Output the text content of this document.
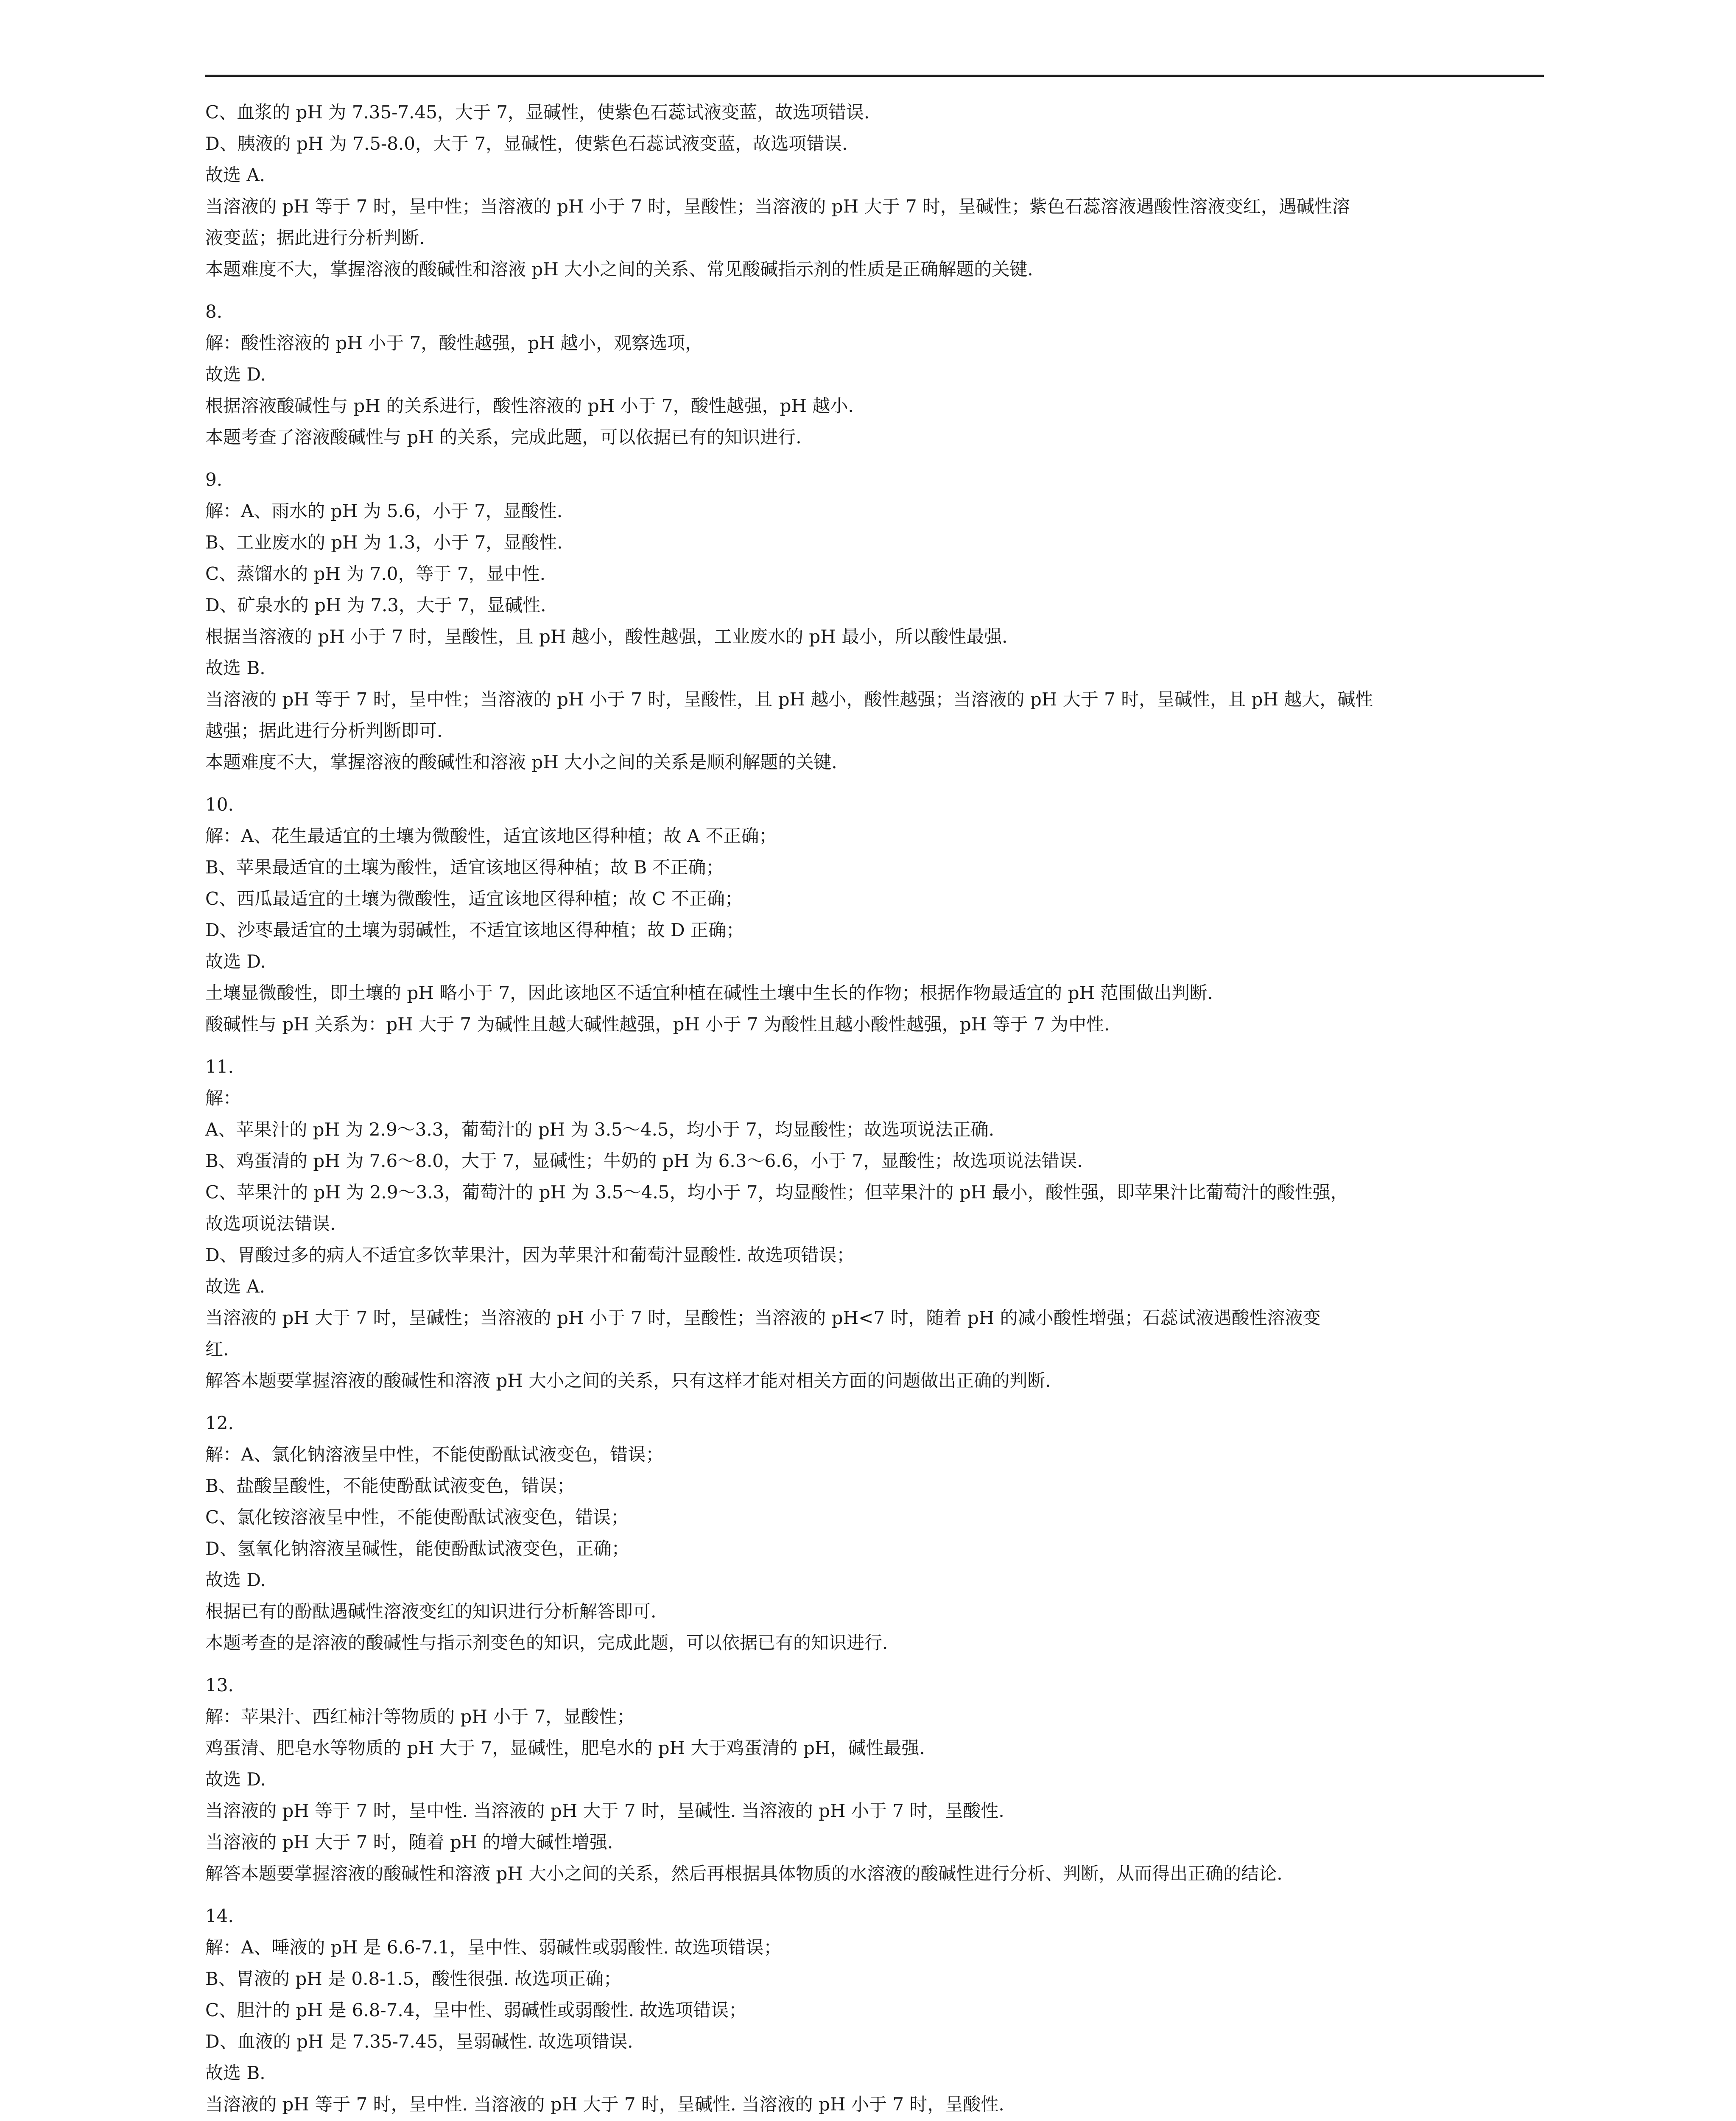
C、血浆的 pH 为 7.35-7.45，大于 7，显碱性，使紫色石蕊试液变蓝，故选项错误.
D、胰液的 pH 为 7.5-8.0，大于 7，显碱性，使紫色石蕊试液变蓝，故选项错误.
故选 A.
当溶液的 pH 等于 7 时，呈中性；当溶液的 pH 小于 7 时，呈酸性；当溶液的 pH 大于 7 时，呈碱性；紫色石蕊溶液遇酸性溶液变红，遇碱性溶
液变蓝；据此进行分析判断.
本题难度不大，掌握溶液的酸碱性和溶液 pH 大小之间的关系、常见酸碱指示剂的性质是正确解题的关键.
8.
解：酸性溶液的 pH 小于 7，酸性越强，pH 越小，观察选项，
故选 D.
根据溶液酸碱性与 pH 的关系进行，酸性溶液的 pH 小于 7，酸性越强，pH 越小.
本题考查了溶液酸碱性与 pH 的关系，完成此题，可以依据已有的知识进行.
9.
解：A、雨水的 pH 为 5.6，小于 7，显酸性.
B、工业废水的 pH 为 1.3，小于 7，显酸性.
C、蒸馏水的 pH 为 7.0，等于 7，显中性.
D、矿泉水的 pH 为 7.3，大于 7，显碱性.
根据当溶液的 pH 小于 7 时，呈酸性，且 pH 越小，酸性越强，工业废水的 pH 最小，所以酸性最强.
故选 B.
当溶液的 pH 等于 7 时，呈中性；当溶液的 pH 小于 7 时，呈酸性，且 pH 越小，酸性越强；当溶液的 pH 大于 7 时，呈碱性，且 pH 越大，碱性
越强；据此进行分析判断即可.
本题难度不大，掌握溶液的酸碱性和溶液 pH 大小之间的关系是顺利解题的关键.
10.
解：A、花生最适宜的土壤为微酸性，适宜该地区得种植；故 A 不正确；
B、苹果最适宜的土壤为酸性，适宜该地区得种植；故 B 不正确；
C、西瓜最适宜的土壤为微酸性，适宜该地区得种植；故 C 不正确；
D、沙枣最适宜的土壤为弱碱性，不适宜该地区得种植；故 D 正确；
故选 D.
土壤显微酸性，即土壤的 pH 略小于 7，因此该地区不适宜种植在碱性土壤中生长的作物；根据作物最适宜的 pH 范围做出判断.
酸碱性与 pH 关系为：pH 大于 7 为碱性且越大碱性越强，pH 小于 7 为酸性且越小酸性越强，pH 等于 7 为中性.
11.
解：
A、苹果汁的 pH 为 2.9～3.3，葡萄汁的 pH 为 3.5～4.5，均小于 7，均显酸性；故选项说法正确.
B、鸡蛋清的 pH 为 7.6～8.0，大于 7，显碱性；牛奶的 pH 为 6.3～6.6，小于 7，显酸性；故选项说法错误.
C、苹果汁的 pH 为 2.9～3.3，葡萄汁的 pH 为 3.5～4.5，均小于 7，均显酸性；但苹果汁的 pH 最小，酸性强，即苹果汁比葡萄汁的酸性强，
故选项说法错误.
D、胃酸过多的病人不适宜多饮苹果汁，因为苹果汁和葡萄汁显酸性. 故选项错误；
故选 A.
当溶液的 pH 大于 7 时，呈碱性；当溶液的 pH 小于 7 时，呈酸性；当溶液的 pH<7 时，随着 pH 的减小酸性增强；石蕊试液遇酸性溶液变
红.
解答本题要掌握溶液的酸碱性和溶液 pH 大小之间的关系，只有这样才能对相关方面的问题做出正确的判断.
12.
解：A、氯化钠溶液呈中性，不能使酚酞试液变色，错误；
B、盐酸呈酸性，不能使酚酞试液变色，错误；
C、氯化铵溶液呈中性，不能使酚酞试液变色，错误；
D、氢氧化钠溶液呈碱性，能使酚酞试液变色，正确；
故选 D.
根据已有的酚酞遇碱性溶液变红的知识进行分析解答即可.
本题考查的是溶液的酸碱性与指示剂变色的知识，完成此题，可以依据已有的知识进行.
13.
解：苹果汁、西红柿汁等物质的 pH 小于 7，显酸性；
鸡蛋清、肥皂水等物质的 pH 大于 7，显碱性，肥皂水的 pH 大于鸡蛋清的 pH，碱性最强.
故选 D.
当溶液的 pH 等于 7 时，呈中性. 当溶液的 pH 大于 7 时，呈碱性. 当溶液的 pH 小于 7 时，呈酸性.
当溶液的 pH 大于 7 时，随着 pH 的增大碱性增强.
解答本题要掌握溶液的酸碱性和溶液 pH 大小之间的关系，然后再根据具体物质的水溶液的酸碱性进行分析、判断，从而得出正确的结论.
14.
解：A、唾液的 pH 是 6.6-7.1，呈中性、弱碱性或弱酸性. 故选项错误；
B、胃液的 pH 是 0.8-1.5，酸性很强. 故选项正确；
C、胆汁的 pH 是 6.8-7.4，呈中性、弱碱性或弱酸性. 故选项错误；
D、血液的 pH 是 7.35-7.45，呈弱碱性. 故选项错误.
故选 B.
当溶液的 pH 等于 7 时，呈中性. 当溶液的 pH 大于 7 时，呈碱性. 当溶液的 pH 小于 7 时，呈酸性.
